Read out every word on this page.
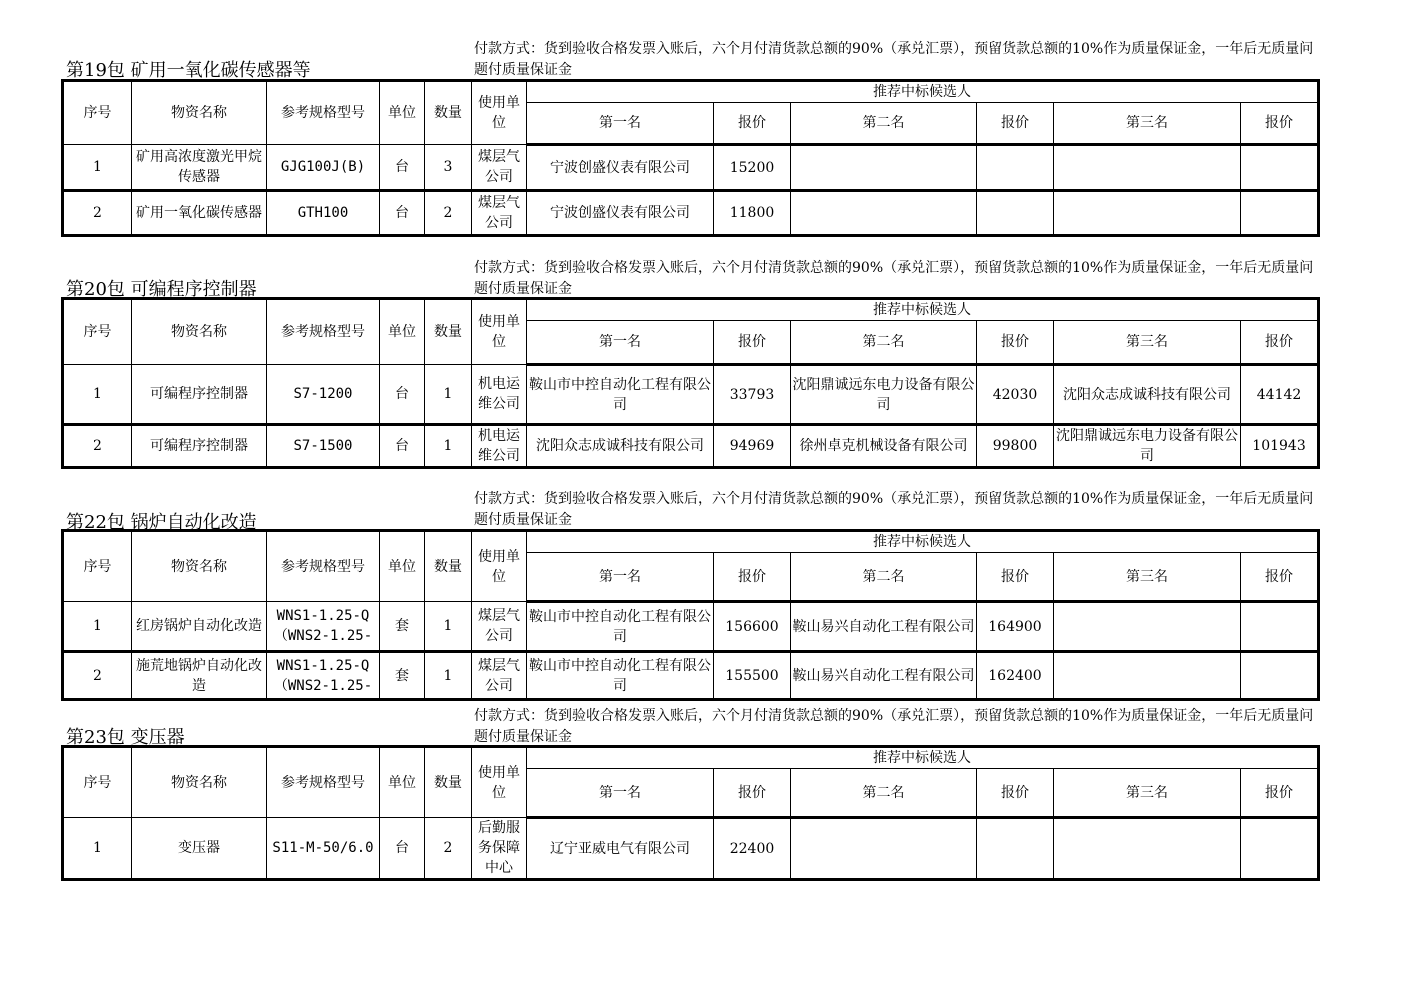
第19包 矿用一氧化碳传感器等
付款方式：货到验收合格发票入账后，六个月付清货款总额的90%（承兑汇票），预留货款总额的10%作为质量保证金，一年后无质量问题付质量保证金
序号	物资名称	参考规格型号	单位	数量	使用单位	推荐中标候选人					
						第一名	报价	第二名	报价	第三名	报价
1	矿用高浓度激光甲烷传感器	GJG100J(B)	台	3	煤层气公司	宁波创盛仪表有限公司	15200				
2	矿用一氧化碳传感器	GTH100	台	2	煤层气公司	宁波创盛仪表有限公司	11800				
第20包 可编程序控制器
付款方式：货到验收合格发票入账后，六个月付清货款总额的90%（承兑汇票），预留货款总额的10%作为质量保证金，一年后无质量问题付质量保证金
序号	物资名称	参考规格型号	单位	数量	使用单位	推荐中标候选人					
						第一名	报价	第二名	报价	第三名	报价
1	可编程序控制器	S7-1200	台	1	机电运维公司	鞍山市中控自动化工程有限公司	33793	沈阳鼎诚远东电力设备有限公司	42030	沈阳众志成诚科技有限公司	44142
2	可编程序控制器	S7-1500	台	1	机电运维公司	沈阳众志成诚科技有限公司	94969	徐州卓克机械设备有限公司	99800	沈阳鼎诚远东电力设备有限公司	101943
第22包 锅炉自动化改造
付款方式：货到验收合格发票入账后，六个月付清货款总额的90%（承兑汇票），预留货款总额的10%作为质量保证金，一年后无质量问题付质量保证金
序号	物资名称	参考规格型号	单位	数量	使用单位	推荐中标候选人					
						第一名	报价	第二名	报价	第三名	报价
1	红房锅炉自动化改造	WNS1-1.25-Q（WNS2-1.25-	套	1	煤层气公司	鞍山市中控自动化工程有限公司	156600	鞍山易兴自动化工程有限公司	164900		
2	施荒地锅炉自动化改造	WNS1-1.25-Q（WNS2-1.25-	套	1	煤层气公司	鞍山市中控自动化工程有限公司	155500	鞍山易兴自动化工程有限公司	162400		
第23包 变压器
付款方式：货到验收合格发票入账后，六个月付清货款总额的90%（承兑汇票），预留货款总额的10%作为质量保证金，一年后无质量问题付质量保证金
序号	物资名称	参考规格型号	单位	数量	使用单位	推荐中标候选人					
						第一名	报价	第二名	报价	第三名	报价
1	变压器	S11-M-50/6.0	台	2	后勤服务保障中心	辽宁亚威电气有限公司	22400				
